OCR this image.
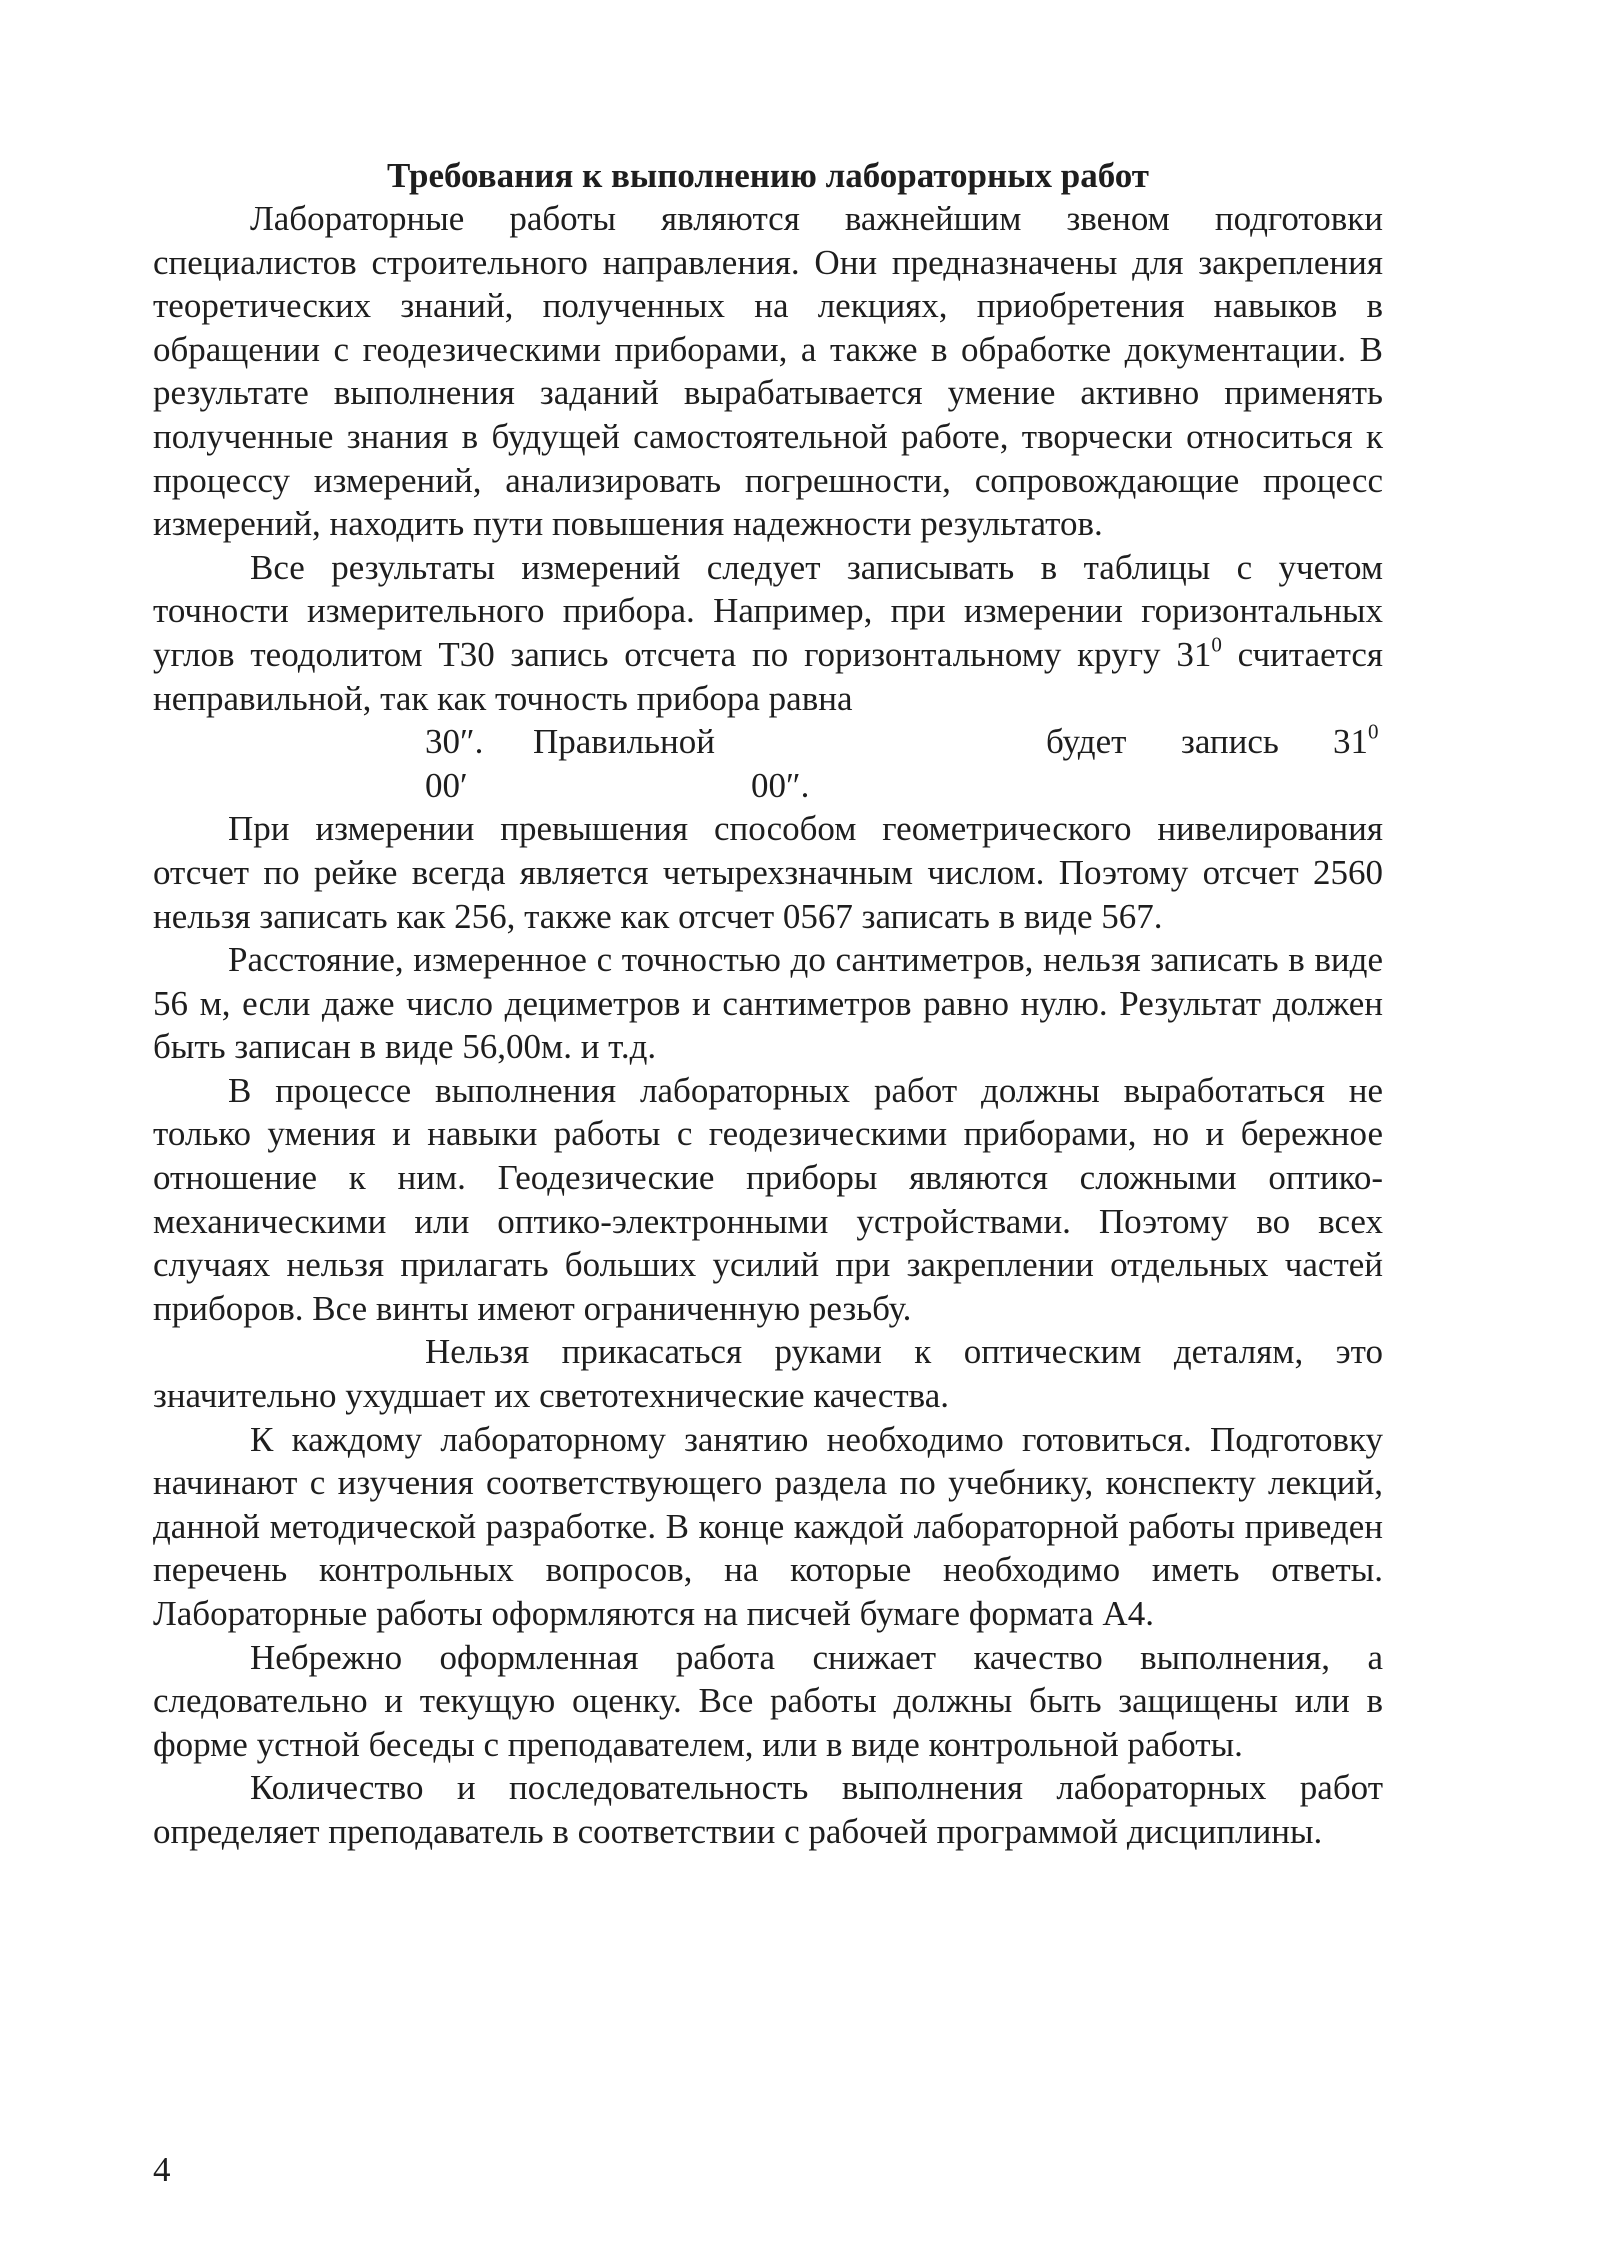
Требования к выполнению лабораторных работ

Лабораторные работы являются важнейшим звеном подготовки специалистов строительного направления. Они предназначены для закрепления теоретических знаний, полученных на лекциях, приобретения навыков в обращении с геодезическими приборами, а также в обработке документации. В результате выполнения заданий вырабатывается умение активно применять полученные знания в будущей самостоятельной работе, творчески относиться к процессу измерений, анализировать погрешности, сопровождающие процесс измерений, находить пути повышения надежности результатов.

Все результаты измерений следует записывать в таблицы с учетом точности измерительного прибора. Например, при измерении горизонтальных углов теодолитом Т30 запись отсчета по горизонтальному кругу $31^0$ считается неправильной, так как точность прибора равна

30″. Правильной	будет запись $31^0$
00′	00″.

При измерении превышения способом геометрического нивелирования отсчет по рейке всегда является четырехзначным числом. Поэтому отсчет 2560 нельзя записать как 256, также как отсчет 0567 записать в виде 567.

Расстояние, измеренное с точностью до сантиметров, нельзя записать в виде 56 м, если даже число дециметров и сантиметров равно нулю. Результат должен быть записан в виде 56,00м. и т.д.

В процессе выполнения лабораторных работ должны выработаться не только умения и навыки работы с геодезическими приборами, но и бережное отношение к ним. Геодезические приборы являются сложными оптико-механическими или оптико-электронными устройствами. Поэтому во всех случаях нельзя прилагать больших усилий при закреплении отдельных частей приборов. Все винты имеют ограниченную резьбу.

Нельзя прикасаться руками к оптическим деталям, это значительно ухудшает их светотехнические качества.

К каждому лабораторному занятию необходимо готовиться. Подготовку начинают с изучения соответствующего раздела по учебнику, конспекту лекций, данной методической разработке. В конце каждой лабораторной работы приведен перечень контрольных вопросов, на которые необходимо иметь ответы. Лабораторные работы оформляются на писчей бумаге формата А4.

Небрежно оформленная работа снижает качество выполнения, а следовательно и текущую оценку. Все работы должны быть защищены или в форме устной беседы с преподавателем, или в виде контрольной работы.

Количество и последовательность выполнения лабораторных работ определяет преподаватель в соответствии с рабочей программой дисциплины.

4
